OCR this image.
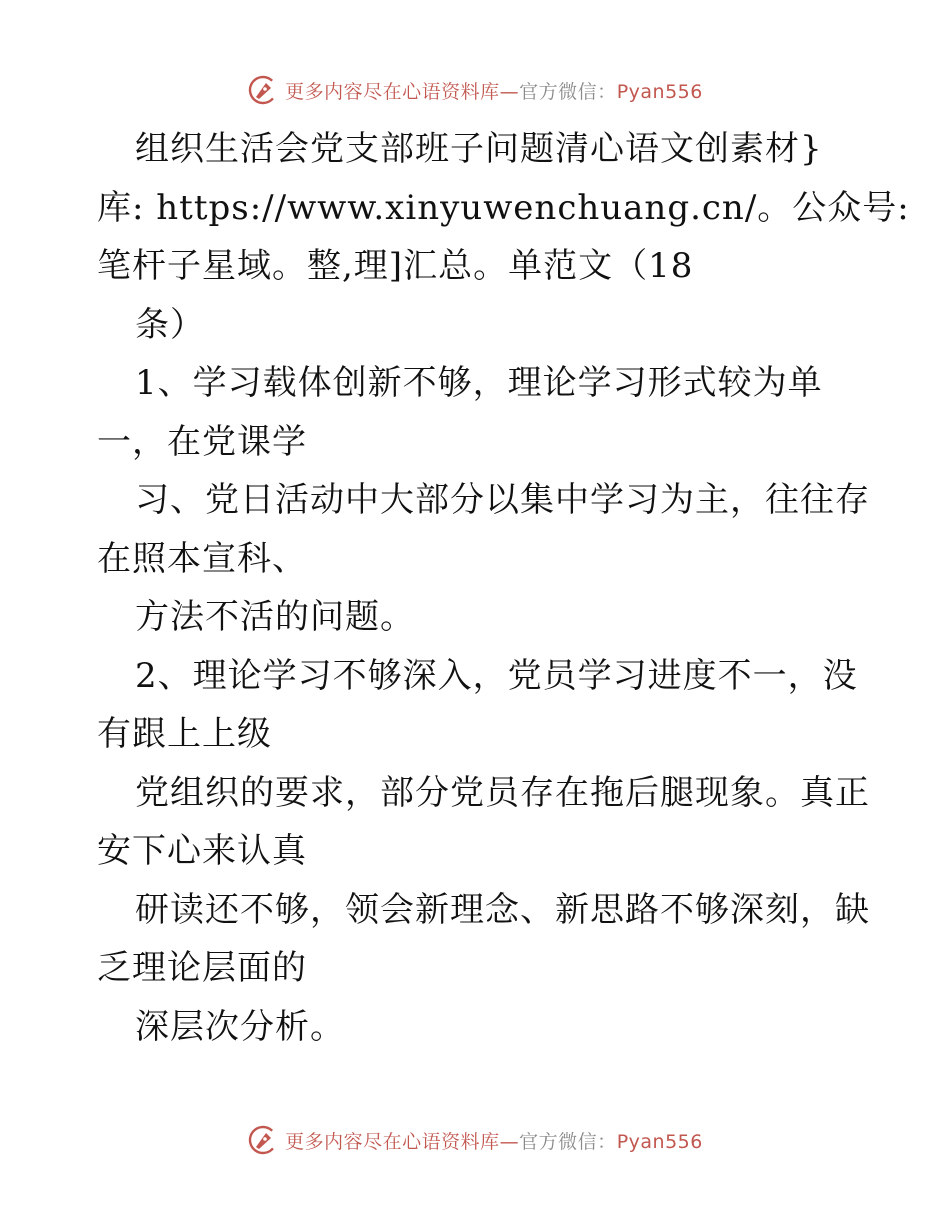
更多内容尽在心语资料库—官方微信：Pyan556
组织生活会党支部班子问题清心语文创素材}
库: https://www.xinyuwenchuang.cn/。公众号:
笔杆子星域。整,理]汇总。单范文（18
条）
1、学习载体创新不够，理论学习形式较为单
一，在党课学
习、党日活动中大部分以集中学习为主，往往存
在照本宣科、
方法不活的问题。
2、理论学习不够深入，党员学习进度不一，没
有跟上上级
党组织的要求，部分党员存在拖后腿现象。真正
安下心来认真
研读还不够，领会新理念、新思路不够深刻，缺
乏理论层面的
深层次分析。
更多内容尽在心语资料库—官方微信：Pyan556
